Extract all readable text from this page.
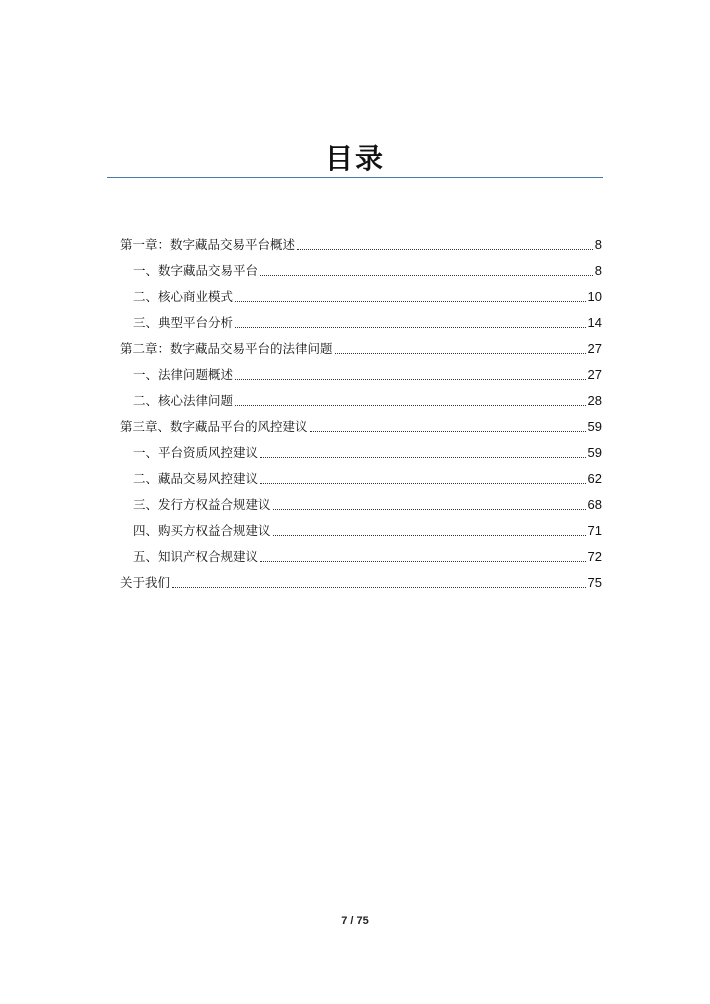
目录
第一章：数字藏品交易平台概述	8
一、数字藏品交易平台	8
二、核心商业模式	10
三、典型平台分析	14
第二章：数字藏品交易平台的法律问题	27
一、法律问题概述	27
二、核心法律问题	28
第三章、数字藏品平台的风控建议	59
一、平台资质风控建议	59
二、藏品交易风控建议	62
三、发行方权益合规建议	68
四、购买方权益合规建议	71
五、知识产权合规建议	72
关于我们	75
7 / 75
